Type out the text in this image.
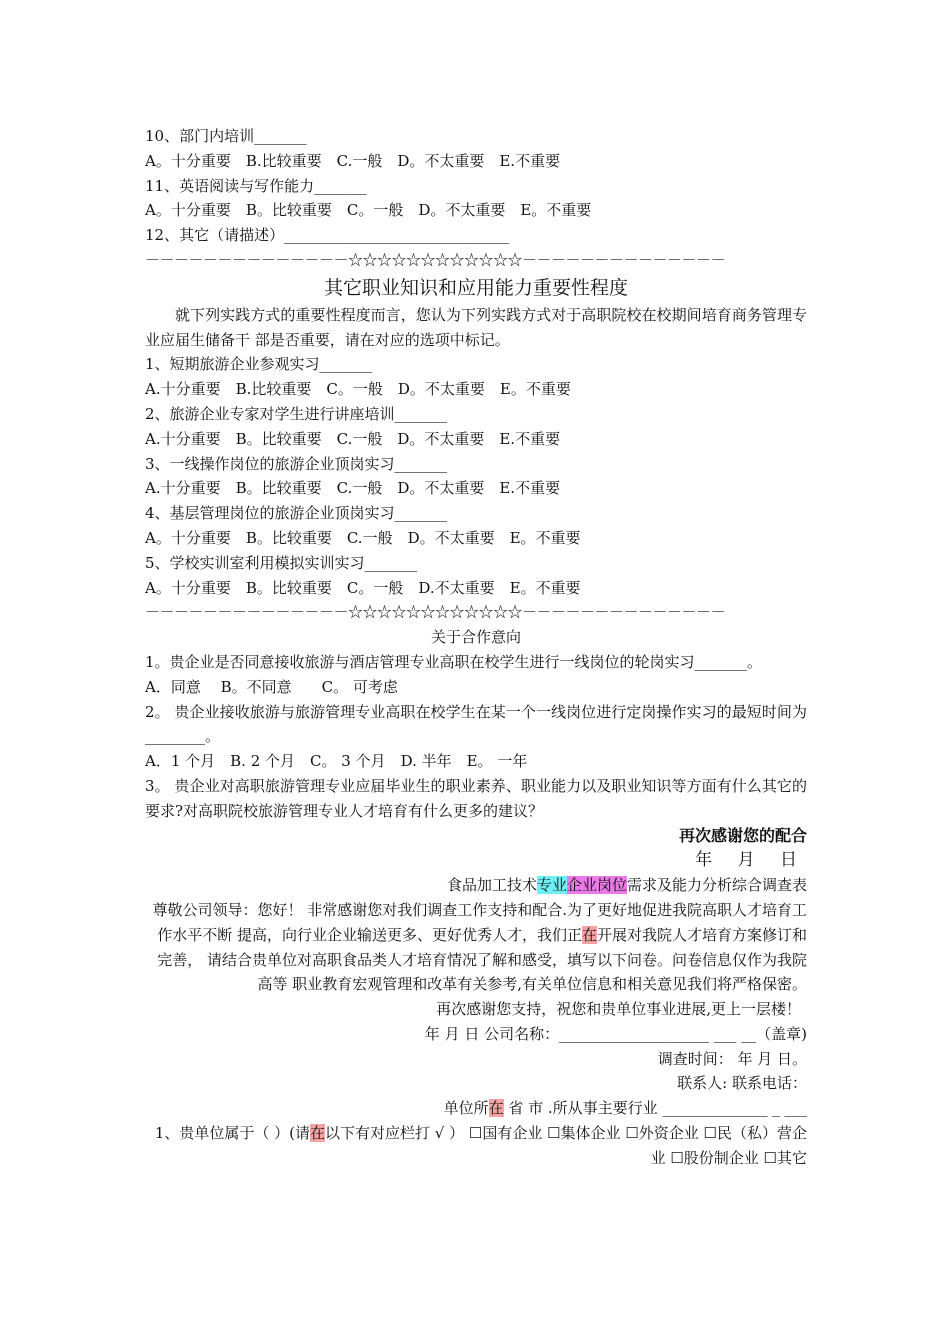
10、部门内培训_______
A。十分重要　B.比较重要　C.一般　D。不太重要　E.不重要
11、英语阅读与写作能力_______
A。十分重要　B。比较重要　C。一般　D。不太重要　E。不重要
12、其它（请描述）______________________________
－－－－－－－－－－－－－－☆☆☆☆☆☆☆☆☆☆☆☆－－－－－－－－－－－－－－
其它职业知识和应用能力重要性程度
就下列实践方式的重要性程度而言，您认为下列实践方式对于高职院校在校期间培育商务管理专业应届生储备干 部是否重要，请在对应的选项中标记。
1、短期旅游企业参观实习_______
A.十分重要　B.比较重要　C。一般　D。不太重要　E。不重要
2、旅游企业专家对学生进行讲座培训_______
A.十分重要　B。比较重要　C.一般　D。不太重要　E.不重要
3、一线操作岗位的旅游企业顶岗实习_______
A.十分重要　B。比较重要　C.一般　D。不太重要　E.不重要
4、基层管理岗位的旅游企业顶岗实习_______
A。十分重要　B。比较重要　C.一般　D。不太重要　E。不重要
5、学校实训室利用模拟实训实习_______
A。十分重要　B。比较重要　C。一般　D.不太重要　E。不重要
－－－－－－－－－－－－－－☆☆☆☆☆☆☆☆☆☆☆☆－－－－－－－－－－－－－－
关于合作意向
1。贵企业是否同意接收旅游与酒店管理专业高职在校学生进行一线岗位的轮岗实习_______。
A．同意　 B。不同意　　C。 可考虑
2。 贵企业接收旅游与旅游管理专业高职在校学生在某一个一线岗位进行定岗操作实习的最短时间为 ________。
A．1 个月　B. 2 个月　C。 3 个月　D. 半年　E。 一年
3。 贵企业对高职旅游管理专业应届毕业生的职业素养、职业能力以及职业知识等方面有什么其它的要求?对高职院校旅游管理专业人才培育有什么更多的建议？
再次感谢您的配合
年 月 日
食品加工技术专业企业岗位需求及能力分析综合调查表
尊敬公司领导：您好！ 非常感谢您对我们调查工作支持和配合.为了更好地促进我院高职人才培育工作水平不断 提高，向行业企业输送更多、更好优秀人才，我们正在开展对我院人才培育方案修订和完善， 请结合贵单位对高职食品类人才培育情况了解和感受，填写以下问卷。问卷信息仅作为我院高等 职业教育宏观管理和改革有关参考,有关单位信息和相关意见我们将严格保密。
再次感谢您支持，祝您和贵单位事业进展,更上一层楼！
年 月 日 公司名称：____________________ ___ __（盖章)
调查时间： 年 月 日。
联系人: 联系电话：
单位所在 省 市 .所从事主要行业 ______________ _ ___
1、贵单位属于（ ）(请在以下有对应栏打 √ ） ☐国有企业 ☐集体企业 ☐外资企业 ☐民（私）营企业 ☐股份制企业 ☐其它
